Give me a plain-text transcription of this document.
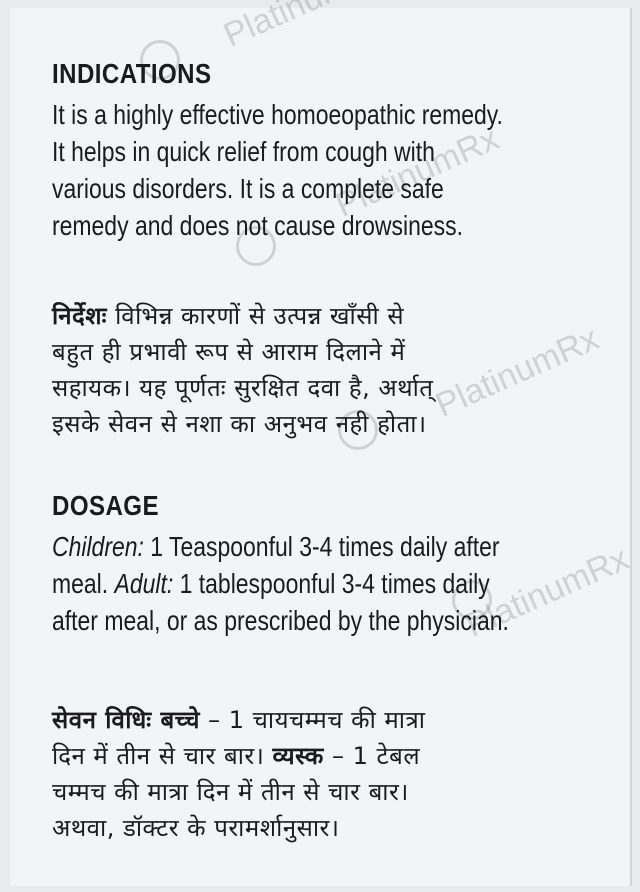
PlatinumRx
PlatinumRx
PlatinumRx
INDICATIONS

It is a highly effective homoeopathic remedy.

It helps in quick relief from cough with

various disorders. It is a complete safe

remedy and does not cause drowsiness.

निर्देशः विभिन्न कारणों से उत्पन्न खाँसी से

बहुत ही प्रभावी रूप से आराम दिलाने में

सहायक। यह पूर्णतः सुरक्षित दवा है, अर्थात्

इसके सेवन से नशा का अनुभव नही होता।

DOSAGE

Children: 1 Teaspoonful 3-4 times daily after

meal. Adult: 1 tablespoonful 3-4 times daily

after meal, or as prescribed by the physician.

सेवन विधिः बच्चे – 1 चायचम्मच की मात्रा

दिन में तीन से चार बार। व्यस्क – 1 टेबल

चम्मच की मात्रा दिन में तीन से चार बार।

अथवा, डॉक्टर के परामर्शानुसार।
